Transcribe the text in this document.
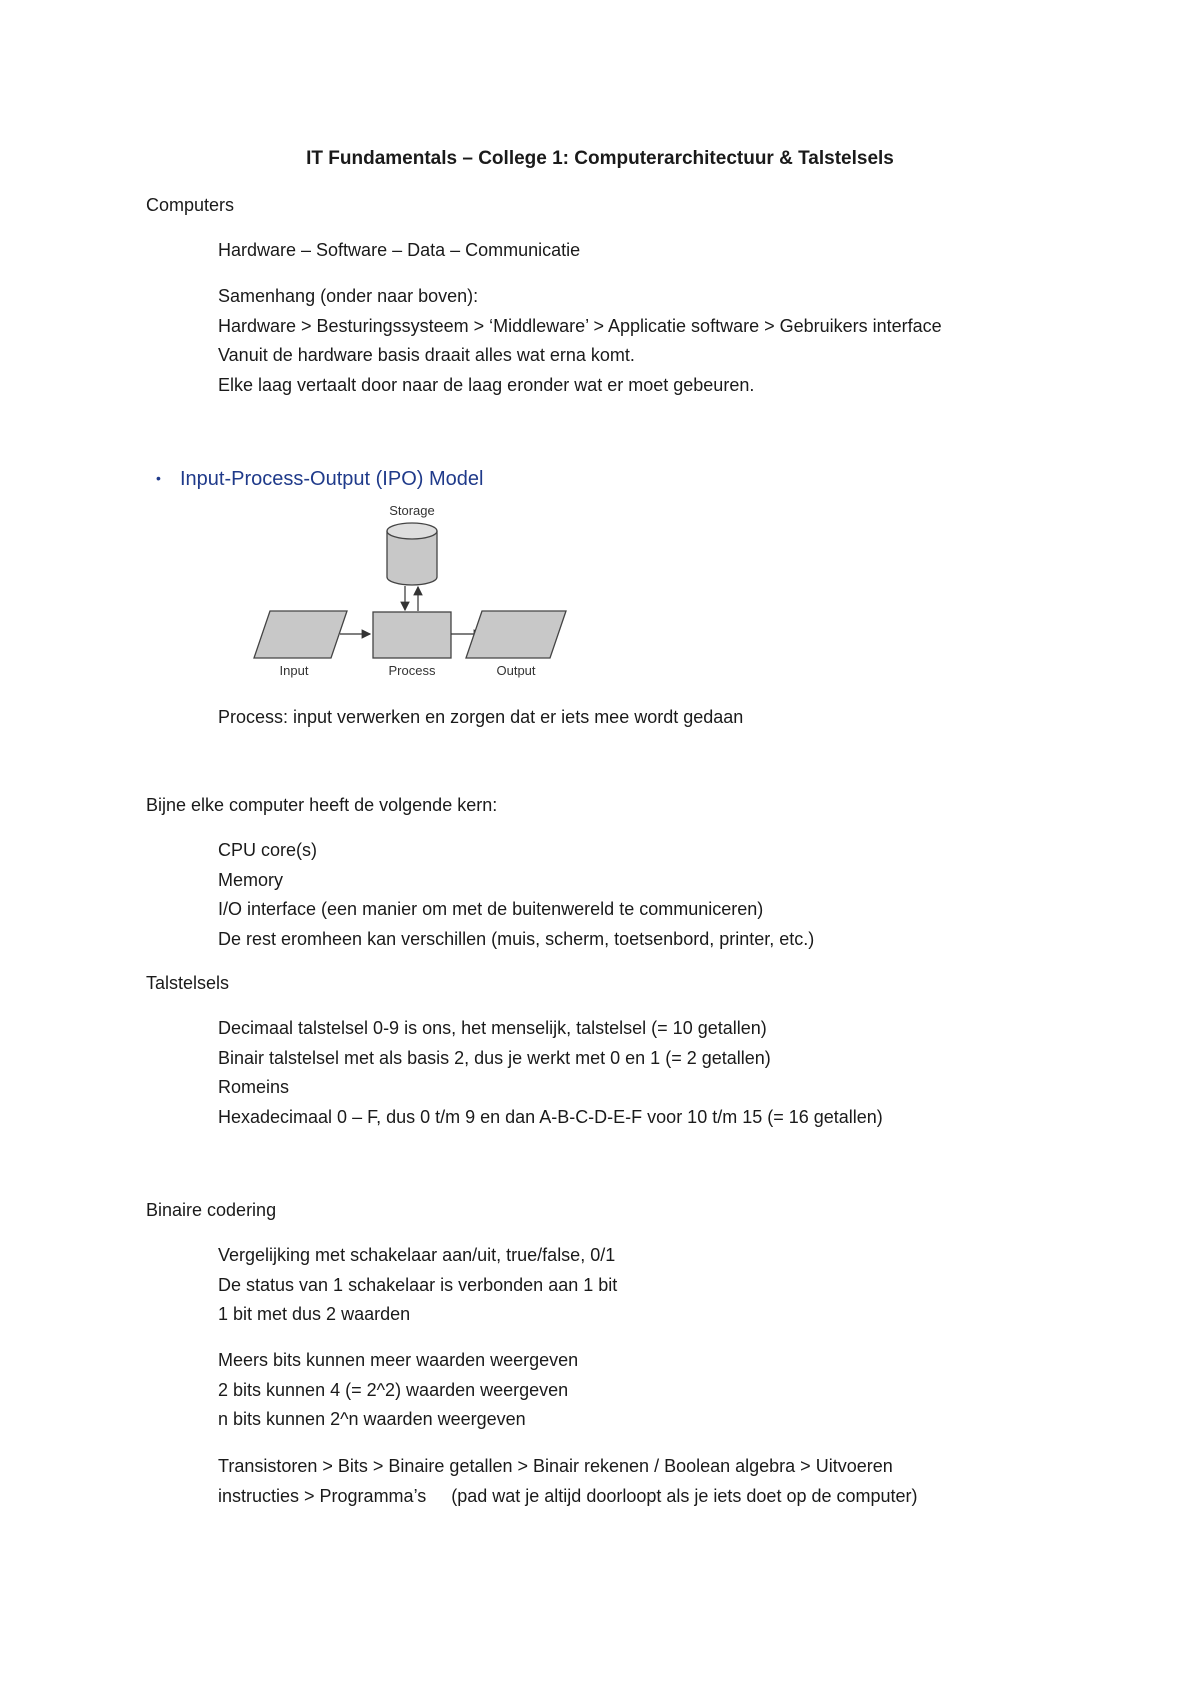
IT Fundamentals – College 1: Computerarchitectuur & Talstelsels
Computers
Hardware – Software – Data – Communicatie
Samenhang (onder naar boven):
Hardware > Besturingssysteem > ‘Middleware’ > Applicatie software > Gebruikers interface
Vanuit de hardware basis draait alles wat erna komt.
Elke laag vertaalt door naar de laag eronder wat er moet gebeuren.
• Input-Process-Output (IPO) Model
Storage
Input	Process	Output
Process: input verwerken en zorgen dat er iets mee wordt gedaan
Bijne elke computer heeft de volgende kern:
CPU core(s)
Memory
I/O interface (een manier om met de buitenwereld te communiceren)
De rest eromheen kan verschillen (muis, scherm, toetsenbord, printer, etc.)
Talstelsels
Decimaal talstelsel 0-9 is ons, het menselijk, talstelsel (= 10 getallen)
Binair talstelsel met als basis 2, dus je werkt met 0 en 1 (= 2 getallen)
Romeins
Hexadecimaal 0 – F, dus 0 t/m 9 en dan A-B-C-D-E-F voor 10 t/m 15 (= 16 getallen)
Binaire codering
Vergelijking met schakelaar aan/uit, true/false, 0/1
De status van 1 schakelaar is verbonden aan 1 bit
1 bit met dus 2 waarden
Meers bits kunnen meer waarden weergeven
2 bits kunnen 4 (= 2^2) waarden weergeven
n bits kunnen 2^n waarden weergeven
Transistoren > Bits > Binaire getallen > Binair rekenen / Boolean algebra > Uitvoeren
instructies > Programma’s     (pad wat je altijd doorloopt als je iets doet op de computer)
